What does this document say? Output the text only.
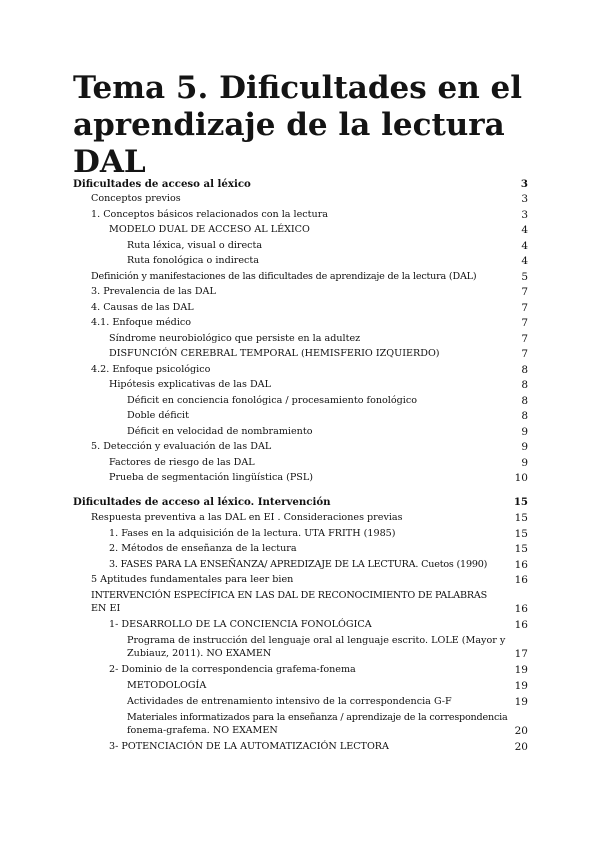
Tema 5. Dificultades en el
aprendizaje de la lectura DAL
Dificultades de acceso al léxico	3
Conceptos previos	3
1. Conceptos básicos relacionados con la lectura	3
MODELO DUAL DE ACCESO AL LÉXICO	4
Ruta léxica, visual o directa	4
Ruta fonológica o indirecta	4
Definición y manifestaciones de las dificultades de aprendizaje de la lectura (DAL)	5
3. Prevalencia de las DAL	7
4. Causas de las DAL	7
4.1. Enfoque médico	7
Síndrome neurobiológico que persiste en la adultez	7
DISFUNCIÓN CEREBRAL TEMPORAL (HEMISFERIO IZQUIERDO)	7
4.2. Enfoque psicológico	8
Hipótesis explicativas de las DAL	8
Déficit en conciencia fonológica / procesamiento fonológico	8
Doble déficit	8
Déficit en velocidad de nombramiento	9
5. Detección y evaluación de las DAL	9
Factores de riesgo de las DAL	9
Prueba de segmentación lingüística (PSL)	10
Dificultades de acceso al léxico. Intervención	15
Respuesta preventiva a las DAL en EI . Consideraciones previas	15
1. Fases en la adquisición de la lectura. UTA FRITH (1985)	15
2. Métodos de enseñanza de la lectura	15
3. FASES PARA LA ENSEÑANZA/ APREDIZAJE DE LA LECTURA. Cuetos (1990)	16
5 Aptitudes fundamentales para leer bien	16
INTERVENCIÓN ESPECÍFICA EN LAS DAL DE RECONOCIMIENTO DE PALABRAS
EN EI	16
1- DESARROLLO DE LA CONCIENCIA FONOLÓGICA	16
Programa de instrucción del lenguaje oral al lenguaje escrito. LOLE (Mayor y
Zubiauz, 2011). NO EXAMEN	17
2- Dominio de la correspondencia grafema-fonema	19
METODOLOGÍA	19
Actividades de entrenamiento intensivo de la correspondencia G-F	19
Materiales informatizados para la enseñanza / aprendizaje de la correspondencia
fonema-grafema. NO EXAMEN	20
3- POTENCIACIÓN DE LA AUTOMATIZACIÓN LECTORA	20
